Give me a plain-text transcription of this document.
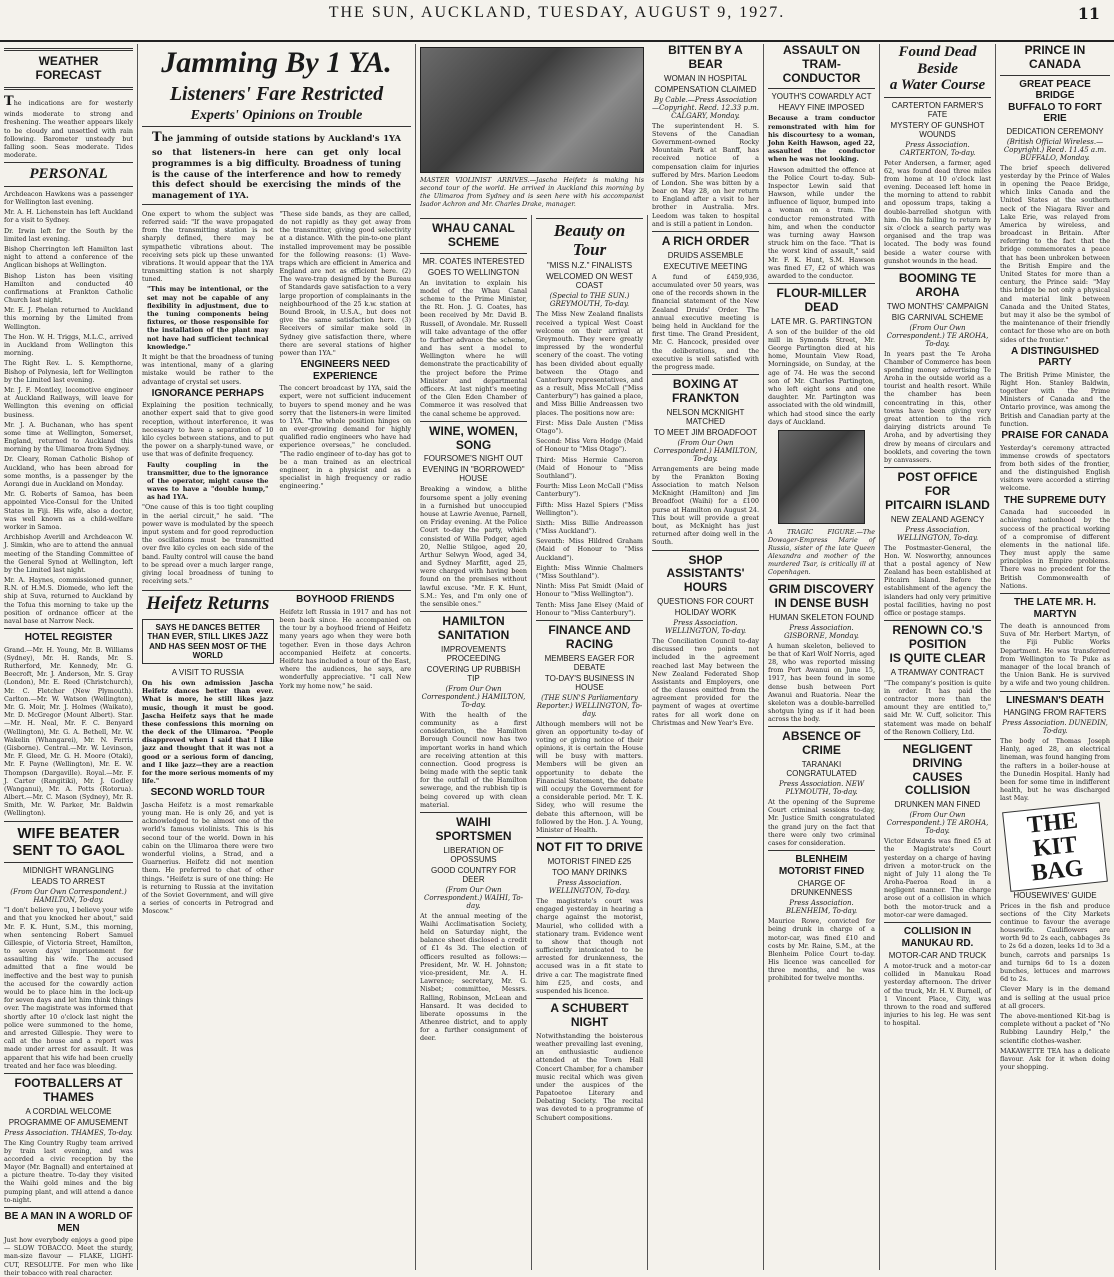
THE SUN, AUCKLAND, TUESDAY, AUGUST 9, 1927.	11
WEATHER FORECAST
The indications are for westerly winds moderate to strong and freshening. The weather appears likely to be cloudy and unsettled with rain following. Barometer unsteady but falling soon. Seas moderate. Tides moderate.
PERSONAL
Archdeacon Hawkens was a passenger for Wellington last evening.
Mr. A. H. Lichenstein has left Auckland for a visit to Sydney.
Dr. Irwin left for the South by the limited last evening.
Bishop Cherrington left Hamilton last night to attend a conference of the Anglican bishops at Wellington.
Bishop Liston has been visiting Hamilton and conducted 40 confirmations at Frankton Catholic Church last night.
Mr. E. J. Phelan returned to Auckland this morning by the Limited from Wellington.
The Hon. W. H. Triggs, M.L.C., arrived in Auckland from Wellington this morning.
The Right Rev. L. S. Kempthorne, Bishop of Polynesia, left for Wellington by the Limited last evening.
Mr. J. F. Montley, locomotive engineer at Auckland Railways, will leave for Wellington this evening on official business.
Mr. J. A. Buchanan, who has spent some time at Wellington, Somerset, England, returned to Auckland this morning by the Ulimaroa from Sydney.
Dr. Cleary, Roman Catholic Bishop of Auckland, who has been abroad for some months, is a passenger by the Aorangi due in Auckland on Monday.
Mr. G. Roberts of Samoa, has been appointed Vice-Consul for the United States in Fiji. His wife, also a doctor, was well known as a child-welfare worker in Samoa.
Archbishop Averill and Archdeacon W. J. Simkin, who are to attend the annual meeting of the Standing Committee of the General Synod at Wellington, left by the Limited last night.
Mr. A. Haynes, commissioned gunner, R.N. of H.M.S. Diomede, who left the ship at Suva, returned to Auckland by the Tofua this morning to take up the position of ordnance officer at the naval base at Narrow Neck.
HOTEL REGISTER
Grand.—Mr. H. Young, Mr. B. Williams (Sydney), Mr. H. Rands, Mr. S. Rutherford, Mr. Kennedy, Mr. G. Beecroft, Mr. J. Anderson, Mr. S. Gray (London), Mr. E. Reed (Christchurch), Mr. C. Fletcher (New Plymouth). Carlton.—Mr. W. Watson (Wellington), Mr. G. Moir, Mr. J. Holmes (Waikato), Mr. D. McGregor (Mount Albert). Star.—Mr. H. Neal, Mr. F. C. Benyard (Wellington), Mr. G. A. Bethell, Mr. W. Wakelin (Whangarei), Mr. N. Ferris (Gisborne). Central.—Mr. W. Levinson, Mr. F. Gleed, Mr. G. H. Moore (Otaki), Mr. F. Payne (Wellington), Mr. E. W. Thompson (Dargaville). Royal.—Mr. F. J. Carter (Rangitiki), Mr. J. Godley (Wanganui), Mr. A. Potts (Rotorua). Albert.—Mr. C. Mason (Sydney), Mr. R. Smith, Mr. W. Parker, Mr. Baldwin (Wellington).
WIFE BEATER
SENT TO GAOL
MIDNIGHT WRANGLING
LEADS TO ARREST
(From Our Own Correspondent.) HAMILTON, To-day.
"I don't believe you, I believe your wife and that you knocked her about," said Mr. F. K. Hunt, S.M., this morning, when sentencing Robert Samuel Gillespie, of Victoria Street, Hamilton, to seven days' imprisonment for assaulting his wife. The accused admitted that a fine would be ineffective and the best way to punish the accused for the cowardly action would be to place him in the lock-up for seven days and let him think things over. The magistrate was informed that shortly after 10 o'clock last night the police were summoned to the home, and arrested Gillespie. They were to call at the house and a report was made under arrest for assault. It was apparent that his wife had been cruelly treated and her face was bleeding.
FOOTBALLERS AT THAMES
A CORDIAL WELCOME
PROGRAMME OF AMUSEMENT
Press Association. THAMES, To-day.
The King Country Rugby team arrived by train last evening, and was accorded a civic reception by the Mayor (Mr. Bagnall) and entertained at a picture theatre. To-day they visited the Waihi gold mines and the big pumping plant, and will attend a dance to-night.
BE A MAN IN A WORLD OF MEN
Just how everybody enjoys a good pipe — SLOW TOBACCO. Meet the sturdy, man-size flavour — FLAKE, LIGHT-CUT, RESOLUTE. For men who like their tobacco with real character.
Jamming By 1 YA.
Listeners' Fare Restricted
Experts' Opinions on Trouble
The jamming of outside stations by Auckland's 1YA so that listeners-in here can get only local programmes is a big difficulty. Broadness of tuning is the cause of the interference and how to remedy this defect should be exercising the minds of the management of 1YA.
One expert to whom the subject was referred said: "If the wave propagated from the transmitting station is not sharply defined, there may be sympathetic vibrations about. The receiving sets pick up these unwanted vibrations. It would appear that the 1YA transmitting station is not sharply tuned.
"This may be intentional, or the set may not be capable of any flexibility in adjustment, due to the tuning components being fixtures, or those responsible for the installation of the plant may not have had sufficient technical knowledge."
It might be that the broadness of tuning was intentional, many of a glaring mistake would be rather to the advantage of crystal set users.
IGNORANCE PERHAPS
Explaining the position technically, another expert said that to give good reception, without interference, it was necessary to have a separation of 10 kilo cycles between stations, and to put the power on a sharply-tuned wave, or use that was of definite frequency.
Faulty coupling in the transmitter, due to the ignorance of the operator, might cause the waves to have a "double hump," as had 1YA.
"One cause of this is too tight coupling in the aerial circuit," he said. "The power wave is modulated by the speech input system and for good reproduction the oscillations must be transmitted over five kilo cycles on each side of the band. Faulty control will cause the band to be spread over a much larger range, giving local broadness of tuning to receiving sets."
"These side bands, as they are called, do not rapidly as they get away from the transmitter, giving good selectivity at a distance. With the pin-to-one plant installed improvement may be possible for the following reasons: (1) Wave-traps which are efficient in America and England are not as efficient here. (2) The wave-trap designed by the Bureau of Standards gave satisfaction to a very large proportion of complainants in the neighbourhood of the 25 k.w. station at Bound Brook, in U.S.A., but does not give the same satisfaction here. (3) Receivers of similar make sold in Sydney give satisfaction there, where there are several stations of higher power than 1YA."
ENGINEERS NEED EXPERIENCE
The concert broadcast by 1YA, said the expert, were not sufficient inducement to buyers to spend money and he was sorry that the listeners-in were limited to 1YA. "The whole position hinges on an ever-growing demand for highly qualified radio engineers who have had experience overseas," he concluded. "The radio engineer of to-day has got to be a man trained as an electrical engineer, in a physicist and as a specialist in high frequency or radio engineering."
Heifetz Returns
SAYS HE DANCES BETTER THAN EVER, STILL LIKES JAZZ AND HAS SEEN MOST OF THE WORLD
A VISIT TO RUSSIA
On his own admission Jascha Heifetz dances better than ever. What is more, he still likes jazz music, though it must be good. Jascha Heifetz says that he made these confessions this morning on the deck of the Ulimaroa. "People disapproved when I said that I like jazz and thought that it was not a good or a serious form of dancing, and I like jazz—they are a reaction for the more serious moments of my life."
SECOND WORLD TOUR
Jascha Heifetz is a most remarkable young man. He is only 26, and yet is acknowledged to be almost one of the world's famous violinists. This is his second tour of the world. Down in his cabin on the Ulimaroa there were two wonderful violins, a Strad, and a Guarnerius. Heifetz did not mention them. He preferred to chat of other things. "Heifetz is sure of one thing: He is returning to Russia at the invitation of the Soviet Government, and will give a series of concerts in Petrograd and Moscow."
BOYHOOD FRIENDS
Heifetz left Russia in 1917 and has not been back since. He accompanied on the tour by a boyhood friend of Heifetz many years ago when they were both together. Even in those days Achron accompanied Heifetz at concerts. Heifetz has included a tour of the East, where the audiences, he says, are wonderfully appreciative. "I call New York my home now," he said.
WHAU CANAL SCHEME
MR. COATES INTERESTED
GOES TO WELLINGTON
An invitation to explain his model of the Whau Canal scheme to the Prime Minister, the Rt. Hon. J. G. Coates, has been received by Mr. David B. Russell, of Avondale. Mr. Russell will take advantage of the offer to further advance the scheme, and has sent a model to Wellington where he will demonstrate the practicability of the project before the Prime Minister and departmental officers. At last night's meeting of the Glen Eden Chamber of Commerce it was resolved that the canal scheme be approved.
WINE, WOMEN, SONG
FOURSOME'S NIGHT OUT
EVENING IN "BORROWED" HOUSE
Breaking a window, a blithe foursome spent a jolly evening in a furnished but unoccupied house at Lawrie Avenue, Parnell, on Friday evening. At the Police Court to-day the party, which consisted of Willa Podger, aged 20, Nellie Stilgoe, aged 20, Arthur Selwyn Wood, aged 34, and Sydney Marfitt, aged 25, were charged with having been found on the premises without lawful excuse. "Mr. F. K. Hunt, S.M.: Yes, and I'm only one of the sensible ones."
HAMILTON SANITATION
IMPROVEMENTS PROCEEDING
COVERING UP RUBBISH TIP
(From Our Own Correspondent.) HAMILTON, To-day.
With the health of the community as a first consideration, the Hamilton Borough Council now has two important works in hand which are receiving attention at this connection. Good progress is being made with the septic tank for the outfall of the Hamilton sewerage, and the rubbish tip is being covered up with clean material.
WAIHI SPORTSMEN
LIBERATION OF OPOSSUMS
GOOD COUNTRY FOR DEER
(From Our Own Correspondent.) WAIHI, To-day.
At the annual meeting of the Waihi Acclimatisation Society, held on Saturday night, the balance sheet disclosed a credit of £1 4s 3d. The election of officers resulted as follows:—President, Mr. W. H. Johnston; vice-president, Mr. A. H. Lawrence; secretary, Mr. G. Nisbet; committee, Messrs. Ralling, Robinson, McLean and Hansard. It was decided to liberate opossums in the Athenree district, and to apply for a further consignment of deer.
Beauty on Tour
"MISS N.Z." FINALISTS
WELCOMED ON WEST COAST
(Special to THE SUN.) GREYMOUTH, To-day.
The Miss New Zealand finalists received a typical West Coast welcome on their arrival at Greymouth. They were greatly impressed by the wonderful scenery of the coast. The voting has been divided about equally between the Otago and Canterbury representatives, and as a result, Miss McCall ("Miss Canterbury") has gained a place, and Miss Billie Andreassen two places. The positions now are:
First: Miss Dale Austen ("Miss Otago").
Second: Miss Vera Hodge (Maid of Honour to "Miss Otago").
Third: Miss Hermie Cameron (Maid of Honour to "Miss Southland").
Fourth: Miss Leon McCall ("Miss Canterbury").
Fifth: Miss Hazel Spiers ("Miss Wellington").
Sixth: Miss Billie Andreasson ("Miss Auckland").
Seventh: Miss Hildred Graham (Maid of Honour to "Miss Auckland").
Eighth: Miss Winnie Chalmers ("Miss Southland").
Ninth: Miss Pat Smidt (Maid of Honour to "Miss Wellington").
Tenth: Miss Jane Elsey (Maid of Honour to "Miss Canterbury").
FINANCE AND RACING
MEMBERS EAGER FOR DEBATE
TO-DAY'S BUSINESS IN HOUSE
(THE SUN'S Parliamentary Reporter.) WELLINGTON, To-day.
Although members will not be given an opportunity to-day of voting or giving notice of their opinions, it is certain the House will be busy with matters. Members will be given an opportunity to debate the Financial Statement, the debate will occupy the Government for a considerable period. Mr. T. K. Sidey, who will resume the debate this afternoon, will be followed by the Hon. J. A. Young, Minister of Health.
NOT FIT TO DRIVE
MOTORIST FINED £25
TOO MANY DRINKS
Press Association. WELLINGTON, To-day.
The magistrate's court was engaged yesterday in hearing a charge against the motorist, Mauriel, who collided with a stationary tram. Evidence went to show that though not sufficiently intoxicated to be arrested for drunkenness, the accused was in a fit state to drive a car. The magistrate fined him £25, and costs, and suspended his licence.
A SCHUBERT NIGHT
Notwithstanding the boisterous weather prevailing last evening, an enthusiastic audience attended at the Town Hall Concert Chamber, for a chamber music recital which was given under the auspices of the Papatoetoe Literary and Debating Society. The recital was devoted to a programme of Schubert compositions.
MASTER VIOLINIST ARRIVES.—Jascha Heifetz is making his second tour of the world. He arrived in Auckland this morning by the Ulimaroa from Sydney and is seen here with his accompanist Isador Achron and Mr. Charles Drake, manager.
BITTEN BY A BEAR
WOMAN IN HOSPITAL
COMPENSATION CLAIMED
By Cable.—Press Association—Copyright. Recd. 12.33 p.m. CALGARY, Monday.
The superintendent H. S. Stevens of the Canadian Government-owned Rocky Mountain Park at Banff, has received notice of a compensation claim for injuries suffered by Mrs. Marion Leedom of London. She was bitten by a bear on May 28, on her return to England after a visit to her brother in Australia. Mrs. Leedom was taken to hospital and is still a patient in London.
A RICH ORDER
DRUIDS ASSEMBLE
EXECUTIVE MEETING
A fund of £459,936, accumulated over 50 years, was one of the records shown in the financial statement of the New Zealand Druids' Order. The annual executive meeting is being held in Auckland for the first time. The Grand President, Mr. C. Hancock, presided over the deliberations, and the executive is well satisfied with the progress made.
BOXING AT FRANKTON
NELSON MCKNIGHT MATCHED
TO MEET JIM BROADFOOT
(From Our Own Correspondent.) HAMILTON, To-day.
Arrangements are being made by the Frankton Boxing Association to match Nelson McKnight (Hamilton) and Jim Broadfoot (Waihi) for a £100 purse at Hamilton on August 24. This bout will provide a great bout, as McKnight has just returned after doing well in the South.
SHOP ASSISTANTS' HOURS
QUESTIONS FOR COURT
HOLIDAY WORK
Press Association. WELLINGTON, To-day.
The Conciliation Council to-day discussed two points not included in the agreement reached last May between the New Zealand Federated Shop Assistants and Employers, one of the clauses omitted from the agreement provided for the payment of wages at overtime rates for all work done on Christmas and New Year's Eve.
ASSAULT ON
TRAM-CONDUCTOR
YOUTH'S COWARDLY ACT
HEAVY FINE IMPOSED
Because a tram conductor remonstrated with him for his discourtesy to a woman, John Keith Hawson, aged 22, assaulted the conductor when he was not looking.
Hawson admitted the offence at the Police Court to-day. Sub-Inspector Lewin said that Hawson, while under the influence of liquor, bumped into a woman on a tram. The conductor remonstrated with him, and when the conductor was turning away Hawson struck him on the face. "That is the worst kind of assault," said Mr. F. K. Hunt, S.M. Hawson was fined £7, £2 of which was awarded to the conductor.
FLOUR-MILLER DEAD
LATE MR. G. PARTINGTON
A son of the builder of the old mill in Symonds Street, Mr. George Partington died at his home, Mountain View Road, Morningside, on Sunday, at the age of 74. He was the second son of Mr. Charles Partington, who left eight sons and one daughter. Mr. Partington was associated with the old windmill, which had stood since the early days of Auckland.
A TRAGIC FIGURE.—The Dowager-Empress Marie of Russia, sister of the late Queen Alexandra and mother of the murdered Tsar, is critically ill at Copenhagen.
GRIM DISCOVERY
IN DENSE BUSH
HUMAN SKELETON FOUND
Press Association. GISBORNE, Monday.
A human skeleton, believed to be that of Karl Wolf Norris, aged 28, who was reported missing from Port Awanui on June 15, 1917, has been found in some dense bush between Port Awanui and Ruatoria. Near the skeleton was a double-barrelled shotgun lying as if it had been across the body.
ABSENCE OF CRIME
TARANAKI CONGRATULATED
Press Association. NEW PLYMOUTH, To-day.
At the opening of the Supreme Court criminal sessions to-day, Mr. Justice Smith congratulated the grand jury on the fact that there were only two criminal cases for consideration.
BLENHEIM MOTORIST FINED
CHARGE OF DRUNKENNESS
Press Association. BLENHEIM, To-day.
Maurice Rowe, convicted for being drunk in charge of a motor-car, was fined £10 and costs by Mr. Raine, S.M., at the Blenheim Police Court to-day. His licence was cancelled for three months, and he was prohibited for twelve months.
Found Dead Beside
a Water Course
CARTERTON FARMER'S FATE
MYSTERY OF GUNSHOT WOUNDS
Press Association. CARTERTON, To-day.
Peter Andersen, a farmer, aged 62, was found dead three miles from home at 10 o'clock last evening. Deceased left home in the morning to attend to rabbit and opossum traps, taking a double-barrelled shotgun with him. On his failing to return by six o'clock a search party was organised and the trap was located. The body was found beside a water course with gunshot wounds in the head.
BOOMING TE AROHA
TWO MONTHS' CAMPAIGN
BIG CARNIVAL SCHEME
(From Our Own Correspondent.) TE AROHA, To-day.
In years past the Te Aroha Chamber of Commerce has been spending money advertising Te Aroha in the outside world as a tourist and health resort. While the chamber has been concentrating in this, other towns have been giving very great attention to the rich dairying districts around Te Aroha, and by advertising they drew by means of circulars and booklets, and covering the town by canvassers.
POST OFFICE FOR
PITCAIRN ISLAND
NEW ZEALAND AGENCY
Press Association. WELLINGTON, To-day.
The Postmaster-General, the Hon. W. Nosworthy, announces that a postal agency of New Zealand has been established at Pitcairn Island. Before the establishment of the agency the islanders had only very primitive postal facilities, having no post office or postage stamps.
RENOWN CO.'S
POSITION
IS QUITE CLEAR
A TRAMWAY CONTRACT
"The company's position is quite in order. It has paid the contractor more than the amount they are entitled to," said Mr. W. Cuff, solicitor. This statement was made on behalf of the Renown Colliery, Ltd.
NEGLIGENT DRIVING
CAUSES COLLISION
DRUNKEN MAN FINED
(From Our Own Correspondent.) TE AROHA, To-day.
Victor Edwards was fined £5 at the Magistrate's Court yesterday on a charge of having driven a motor-truck on the night of July 11 along the Te Aroha-Paeroa Road in a negligent manner. The charge arose out of a collision in which both the motor-truck and a motor-car were damaged.
COLLISION IN MANUKAU RD.
MOTOR-CAR AND TRUCK
A motor-truck and a motor-car collided in Manukau Road yesterday afternoon. The driver of the truck, Mr. H. V. Burnell, of 1 Vincent Place, City, was thrown to the road and suffered injuries to his leg. He was sent to hospital.
PRINCE IN CANADA
GREAT PEACE BRIDGE
BUFFALO TO FORT ERIE
DEDICATION CEREMONY
(British Official Wireless.—Copyright.) Recd. 11.45 a.m. BUFFALO, Monday.
The brief speech delivered yesterday by the Prince of Wales in opening the Peace Bridge, which links Canada and the United States at the southern neck of the Niagara River and Lake Erie, was relayed from America by wireless, and broadcast in Britain. After referring to the fact that the bridge commemorates a peace that has been unbroken between the British Empire and the United States for more than a century, the Prince said: "May this bridge be not only a physical and material link between Canada and the United States, but may it also be the symbol of the maintenance of their friendly contact for those who are on both sides of the frontier."
A DISTINGUISHED PARTY
The British Prime Minister, the Right Hon. Stanley Baldwin, together with the Prime Ministers of Canada and the Ontario province, was among the British and Canadian party at the function.
PRAISE FOR CANADA
Yesterday's ceremony attracted immense crowds of spectators from both sides of the frontier, and the distinguished English visitors were accorded a stirring welcome.
THE SUPREME DUTY
Canada had succeeded in achieving nationhood by the success of the practical working of a compromise of different elements in the national life. They must apply the same principles in Empire problems. There was no precedent for the British Commonwealth of Nations.
THE LATE MR. H. MARTYN
The death is announced from Suva of Mr. Herbert Martyn, of the Fiji Public Works Department. He was transferred from Wellington to Te Puke as manager of the local branch of the Union Bank. He is survived by a wife and two young children.
LINESMAN'S DEATH
HANGING FROM RAFTERS
Press Association. DUNEDIN, To-day.
The body of Thomas Joseph Hanly, aged 28, an electrical lineman, was found hanging from the rafters in a boiler-house at the Dunedin Hospital. Hanly had been for some time in indifferent health, but he was discharged last May.
THE
KIT
BAG
HOUSEWIVES' GUIDE
Prices in the fish and produce sections of the City Markets continue to favour the average housewife. Cauliflowers are worth 9d to 2s each, cabbages 3s to 2s 6d a dozen, leeks 1d to 3d a bunch, carrots and parsnips 1s and turnips 6d to 1s a dozen bunches, lettuces and marrows 6d to 2s.
Clever Mary is in the demand and is selling at the usual price at all grocers.
The above-mentioned Kit-bag is complete without a packet of "No Rubbing Laundry Help," the scientific clothes-washer.
MAKAWETTE TEA has a delicate flavour. Ask for it when doing your shopping.
